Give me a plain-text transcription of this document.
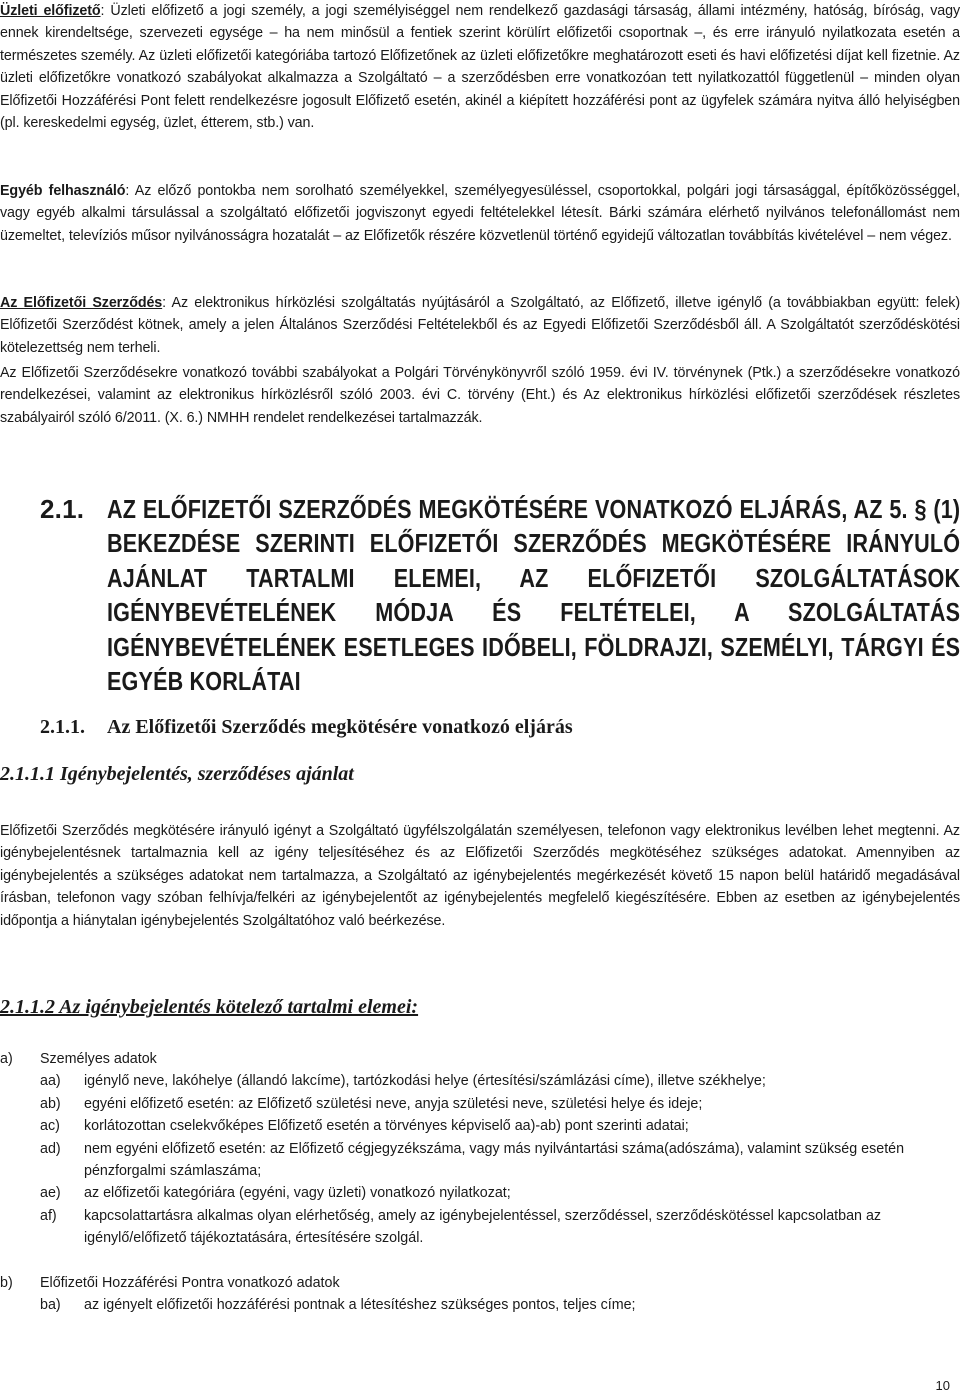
Üzleti előfizető: Üzleti előfizető a jogi személy, a jogi személyiséggel nem rendelkező gazdasági társaság, állami intézmény, hatóság, bíróság, vagy ennek kirendeltsége, szervezeti egysége – ha nem minősül a fentiek szerint körülírt előfizetői csoportnak –, és erre irányuló nyilatkozata esetén a természetes személy. Az üzleti előfizetői kategóriába tartozó Előfizetőnek az üzleti előfizetőkre meghatározott eseti és havi előfizetési díjat kell fizetnie. Az üzleti előfizetőkre vonatkozó szabályokat alkalmazza a Szolgáltató – a szerződésben erre vonatkozóan tett nyilatkozattól függetlenül – minden olyan Előfizetői Hozzáférési Pont felett rendelkezésre jogosult Előfizető esetén, akinél a kiépített hozzáférési pont az ügyfelek számára nyitva álló helyiségben (pl. kereskedelmi egység, üzlet, étterem, stb.) van.

Egyéb felhasználó: Az előző pontokba nem sorolható személyekkel, személyegyesüléssel, csoportokkal, polgári jogi társasággal, építőközösséggel, vagy egyéb alkalmi társulással a szolgáltató előfizetői jogviszonyt egyedi feltételekkel létesít. Bárki számára elérhető nyilvános telefonállomást nem üzemeltet, televíziós műsor nyilvánosságra hozatalát – az Előfizetők részére közvetlenül történő egyidejű változatlan továbbítás kivételével – nem végez.

Az Előfizetői Szerződés: Az elektronikus hírközlési szolgáltatás nyújtásáról a Szolgáltató, az Előfizető, illetve igénylő (a továbbiakban együtt: felek) Előfizetői Szerződést kötnek, amely a jelen Általános Szerződési Feltételekből és az Egyedi Előfizetői Szerződésből áll. A Szolgáltatót szerződéskötési kötelezettség nem terheli.

Az Előfizetői Szerződésekre vonatkozó további szabályokat a Polgári Törvénykönyvről szóló 1959. évi IV. törvénynek (Ptk.) a szerződésekre vonatkozó rendelkezései, valamint az elektronikus hírközlésről szóló 2003. évi C. törvény (Eht.) és Az elektronikus hírközlési előfizetői szerződések részletes szabályairól szóló 6/2011. (X. 6.) NMHH rendelet rendelkezései tartalmazzák.

2.1. AZ ELŐFIZETŐI SZERZŐDÉS MEGKÖTÉSÉRE VONATKOZÓ ELJÁRÁS, AZ 5. § (1) BEKEZDÉSE SZERINTI ELŐFIZETŐI SZERZŐDÉS MEGKÖTÉSÉRE IRÁNYULÓ AJÁNLAT TARTALMI ELEMEI, AZ ELŐFIZETŐI SZOLGÁLTATÁSOK IGÉNYBEVÉTELÉNEK MÓDJA ÉS FELTÉTELEI, A SZOLGÁLTATÁS IGÉNYBEVÉTELÉNEK ESETLEGES IDŐBELI, FÖLDRAJZI, SZEMÉLYI, TÁRGYI ÉS EGYÉB KORLÁTAI
2.1.1. Az Előfizetői Szerződés megkötésére vonatkozó eljárás
2.1.1.1 Igénybejelentés, szerződéses ajánlat

Előfizetői Szerződés megkötésére irányuló igényt a Szolgáltató ügyfélszolgálatán személyesen, telefonon vagy elektronikus levélben lehet megtenni. Az igénybejelentésnek tartalmaznia kell az igény teljesítéséhez és az Előfizetői Szerződés megkötéséhez szükséges adatokat. Amennyiben az igénybejelentés a szükséges adatokat nem tartalmazza, a Szolgáltató az igénybejelentés megérkezését követő 15 napon belül határidő megadásával írásban, telefonon vagy szóban felhívja/felkéri az igénybejelentőt az igénybejelentés megfelelő kiegészítésére. Ebben az esetben az igénybejelentés időpontja a hiánytalan igénybejelentés Szolgáltatóhoz való beérkezése.

2.1.1.2 Az igénybejelentés kötelező tartalmi elemei:
a) Személyes adatok
aa) igénylő neve, lakóhelye (állandó lakcíme), tartózkodási helye (értesítési/számlázási címe), illetve székhelye;
ab) egyéni előfizető esetén: az Előfizető születési neve, anyja születési neve, születési helye és ideje;
ac) korlátozottan cselekvőképes Előfizető esetén a törvényes képviselő aa)-ab) pont szerinti adatai;
ad) nem egyéni előfizető esetén: az Előfizető cégjegyzékszáma, vagy más nyilvántartási száma(adószáma), valamint szükség esetén pénzforgalmi számlaszáma;
ae) az előfizetői kategóriára (egyéni, vagy üzleti) vonatkozó nyilatkozat;
af) kapcsolattartásra alkalmas olyan elérhetőség, amely az igénybejelentéssel, szerződéssel, szerződéskötéssel kapcsolatban az igénylő/előfizető tájékoztatására, értesítésére szolgál.
b) Előfizetői Hozzáférési Pontra vonatkozó adatok
ba) az igényelt előfizetői hozzáférési pontnak a létesítéshez szükséges pontos, teljes címe;
10
